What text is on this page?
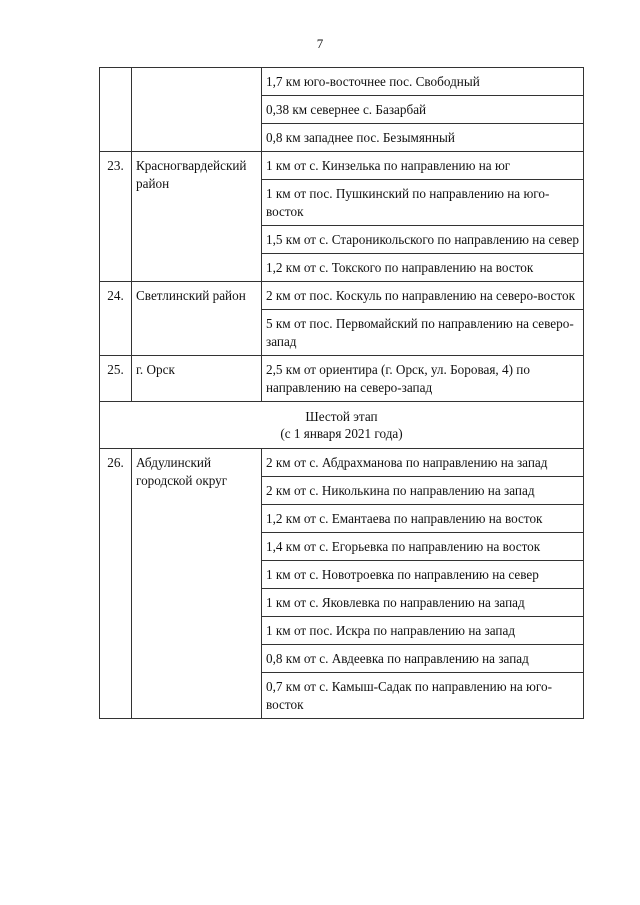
7
		1,7 км юго-восточнее пос. Свободный
		0,38 км севернее с. Базарбай
		0,8 км западнее пос. Безымянный
23.	Красногвардейский район	1 км от с. Кинзелька по направлению на юг
		1 км от пос. Пушкинский по направлению на юго-восток
		1,5 км от с. Староникольского по направлению на север
		1,2 км от с. Токского по направлению на восток
24.	Светлинский район	2 км от пос. Коскуль по направлению на северо-восток
		5 км от пос. Первомайский по направлению на северо-запад
25.	г. Орск	2,5 км от ориентира (г. Орск, ул. Боровая, 4) по направлению на северо-запад

Шестой этап
(с 1 января 2021 года)		

26.	Абдулинский городской округ	2 км от с. Абдрахманова по направлению на запад
		2 км от с. Николькина по направлению на запад
		1,2 км от с. Емантаева по направлению на восток
		1,4 км от с. Егорьевка по направлению на восток
		1 км от с. Новотроевка по направлению на север
		1 км от с. Яковлевка по направлению на запад
		1 км от пос. Искра по направлению на запад
		0,8 км от с. Авдеевка по направлению на запад
		0,7 км от с. Камыш-Садак по направлению на юго-восток
